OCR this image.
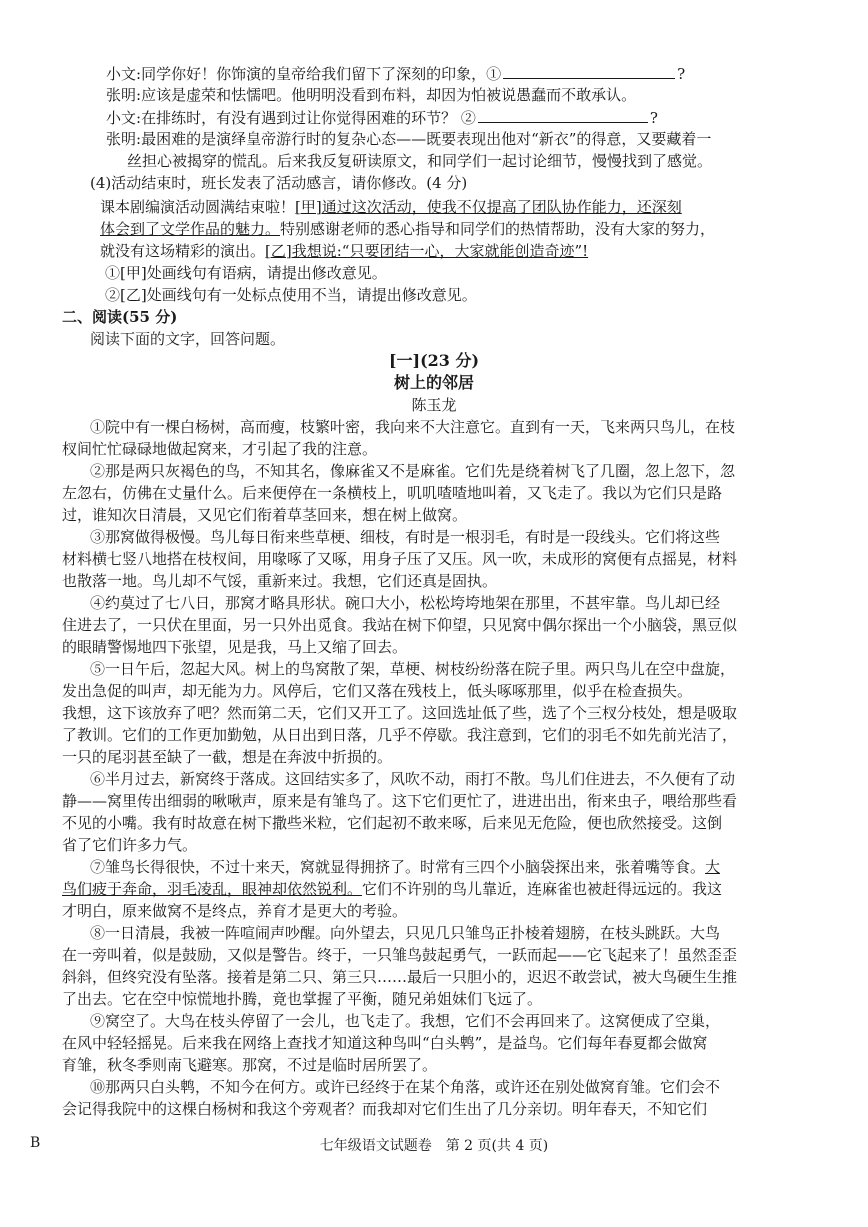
小文:同学你好！你饰演的皇帝给我们留下了深刻的印象，①	?
张明:应该是虚荣和怯懦吧。他明明没看到布料，却因为怕被说愚蠢而不敢承认。
小文:在排练时，有没有遇到过让你觉得困难的环节？ ②	?
张明:最困难的是演绎皇帝游行时的复杂心态——既要表现出他对“新衣”的得意，又要藏着一
丝担心被揭穿的慌乱。后来我反复研读原文，和同学们一起讨论细节，慢慢找到了感觉。
(4)活动结束时，班长发表了活动感言，请你修改。(4 分)
课本剧编演活动圆满结束啦！[甲]通过这次活动，使我不仅提高了团队协作能力，还深刻
体会到了文学作品的魅力。特别感谢老师的悉心指导和同学们的热情帮助，没有大家的努力，
就没有这场精彩的演出。[乙]我想说:“只要团结一心，大家就能创造奇迹”!
①[甲]处画线句有语病，请提出修改意见。
②[乙]处画线句有一处标点使用不当，请提出修改意见。
二、阅读(55 分)
阅读下面的文字，回答问题。
[一](23 分)
树上的邻居
陈玉龙
①院中有一棵白杨树，高而瘦，枝繁叶密，我向来不大注意它。直到有一天，飞来两只鸟儿，在枝
杈间忙忙碌碌地做起窝来，才引起了我的注意。
②那是两只灰褐色的鸟，不知其名，像麻雀又不是麻雀。它们先是绕着树飞了几圈，忽上忽下，忽
左忽右，仿佛在丈量什么。后来便停在一条横枝上，叽叽喳喳地叫着，又飞走了。我以为它们只是路
过，谁知次日清晨，又见它们衔着草茎回来，想在树上做窝。
③那窝做得极慢。鸟儿每日衔来些草梗、细枝，有时是一根羽毛，有时是一段线头。它们将这些
材料横七竖八地搭在枝杈间，用喙啄了又啄，用身子压了又压。风一吹，未成形的窝便有点摇晃，材料
也散落一地。鸟儿却不气馁，重新来过。我想，它们还真是固执。
④约莫过了七八日，那窝才略具形状。碗口大小，松松垮垮地架在那里，不甚牢靠。鸟儿却已经
住进去了，一只伏在里面，另一只外出觅食。我站在树下仰望，只见窝中偶尔探出一个小脑袋，黑豆似
的眼睛警惕地四下张望，见是我，马上又缩了回去。
⑤一日午后，忽起大风。树上的鸟窝散了架，草梗、树枝纷纷落在院子里。两只鸟儿在空中盘旋，
发出急促的叫声，却无能为力。风停后，它们又落在残枝上，低头啄啄那里，似乎在检查损失。
我想，这下该放弃了吧？然而第二天，它们又开工了。这回选址低了些，选了个三杈分枝处，想是吸取
了教训。它们的工作更加勤勉，从日出到日落，几乎不停歇。我注意到，它们的羽毛不如先前光洁了，
一只的尾羽甚至缺了一截，想是在奔波中折损的。
⑥半月过去，新窝终于落成。这回结实多了，风吹不动，雨打不散。鸟儿们住进去，不久便有了动
静——窝里传出细弱的啾啾声，原来是有雏鸟了。这下它们更忙了，进进出出，衔来虫子，喂给那些看
不见的小嘴。我有时故意在树下撒些米粒，它们起初不敢来啄，后来见无危险，便也欣然接受。这倒
省了它们许多力气。
⑦雏鸟长得很快，不过十来天，窝就显得拥挤了。时常有三四个小脑袋探出来，张着嘴等食。大
鸟们疲于奔命，羽毛凌乱，眼神却依然锐利。它们不许别的鸟儿靠近，连麻雀也被赶得远远的。我这
才明白，原来做窝不是终点，养育才是更大的考验。
⑧一日清晨，我被一阵喧闹声吵醒。向外望去，只见几只雏鸟正扑棱着翅膀，在枝头跳跃。大鸟
在一旁叫着，似是鼓励，又似是警告。终于，一只雏鸟鼓起勇气，一跃而起——它飞起来了！虽然歪歪
斜斜，但终究没有坠落。接着是第二只、第三只……最后一只胆小的，迟迟不敢尝试，被大鸟硬生生推
了出去。它在空中惊慌地扑腾，竟也掌握了平衡，随兄弟姐妹们飞远了。
⑨窝空了。大鸟在枝头停留了一会儿，也飞走了。我想，它们不会再回来了。这窝便成了空巢，
在风中轻轻摇晃。后来我在网络上查找才知道这种鸟叫“白头鹎”，是益鸟。它们每年春夏都会做窝
育雏，秋冬季则南飞避寒。那窝，不过是临时居所罢了。
⑩那两只白头鹎，不知今在何方。或许已经终于在某个角落，或许还在别处做窝育雏。它们会不
会记得我院中的这棵白杨树和我这个旁观者？而我却对它们生出了几分亲切。明年春天，不知它们
B	七年级语文试题卷　第 2 页(共 4 页)
